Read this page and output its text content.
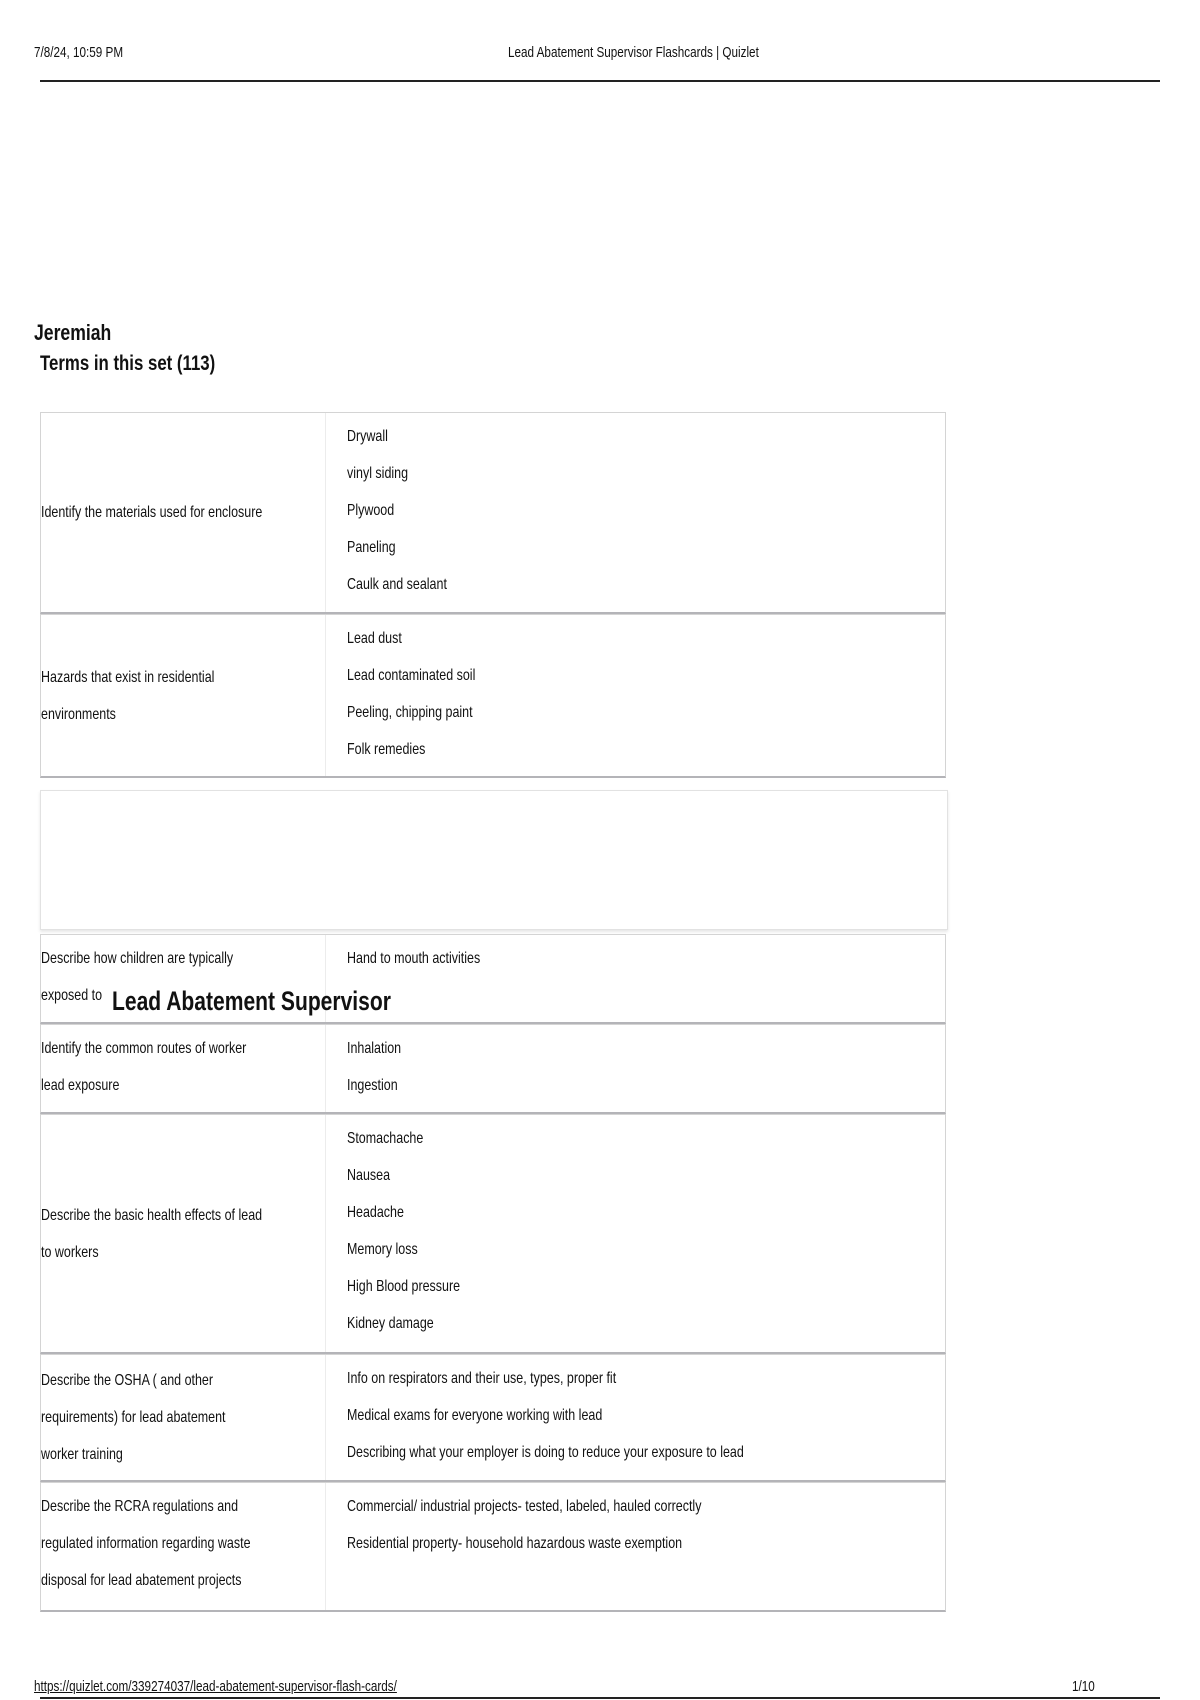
7/8/24, 10:59 PM	Lead Abatement Supervisor Flashcards | Quizlet
Jeremiah
Terms in this set (113)
Identify the materials used for enclosure
Drywall
vinyl siding
Plywood
Paneling
Caulk and sealant
Hazards that exist in residential environments
Lead dust
Lead contaminated soil
Peeling, chipping paint
Folk remedies
Describe how children are typically exposed to
Hand to mouth activities
Lead Abatement Supervisor
Identify the common routes of worker lead exposure
Inhalation
Ingestion
Describe the basic health effects of lead to workers
Stomachache
Nausea
Headache
Memory loss
High Blood pressure
Kidney damage
Describe the OSHA ( and other requirements) for lead abatement worker training
Info on respirators and their use, types, proper fit
Medical exams for everyone working with lead
Describing what your employer is doing to reduce your exposure to lead
Describe the RCRA regulations and regulated information regarding waste disposal for lead abatement projects
Commercial/ industrial projects- tested, labeled, hauled correctly
Residential property- household hazardous waste exemption
https://quizlet.com/339274037/lead-abatement-supervisor-flash-cards/	1/10
